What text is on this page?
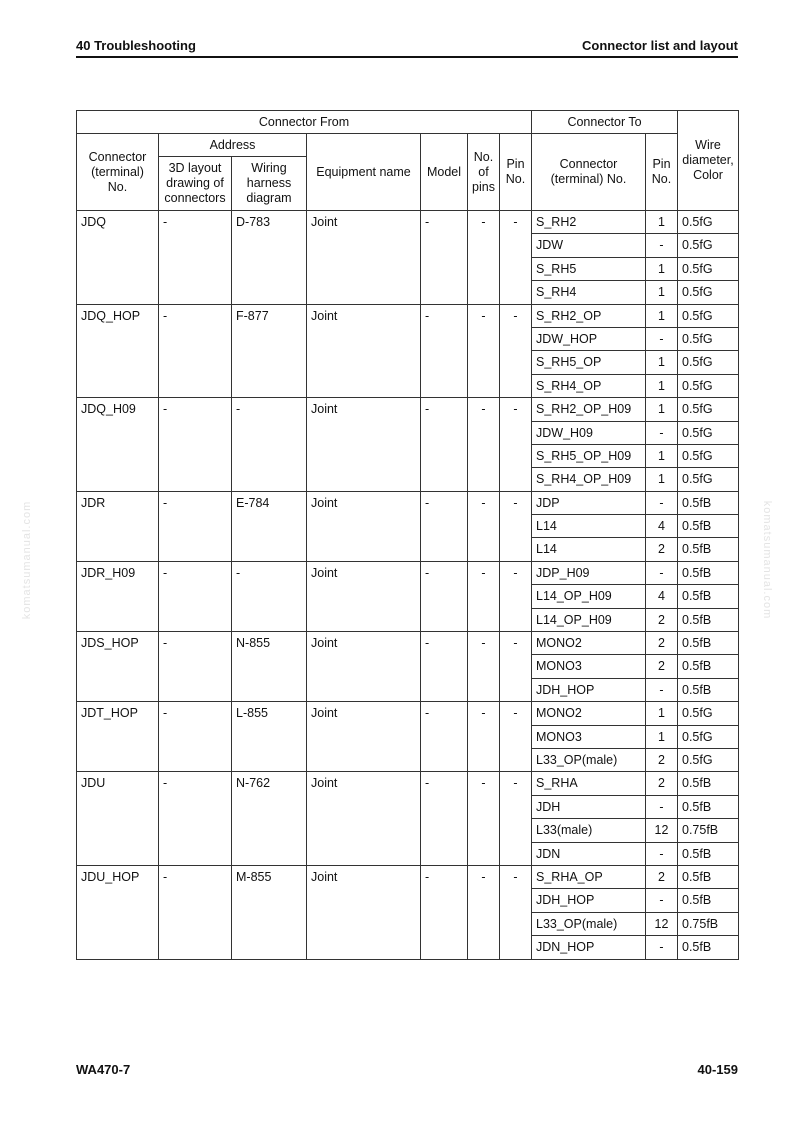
40 Troubleshooting	Connector list and layout
komatsumanual.com	komatsumanual.com
Connector From							Connector To		Wire diameter, Color
Connector (terminal) No.	Address		Equipment name	Model	No. of pins	Pin No.	Connector (terminal) No.	Pin No.	
	3D layout drawing of connectors	Wiring harness diagram							
JDQ	-	D-783	Joint	-	-	-	S_RH2	1	0.5fG
							JDW	-	0.5fG
							S_RH5	1	0.5fG
							S_RH4	1	0.5fG
JDQ_HOP	-	F-877	Joint	-	-	-	S_RH2_OP	1	0.5fG
							JDW_HOP	-	0.5fG
							S_RH5_OP	1	0.5fG
							S_RH4_OP	1	0.5fG
JDQ_H09	-	-	Joint	-	-	-	S_RH2_OP_H09	1	0.5fG
							JDW_H09	-	0.5fG
							S_RH5_OP_H09	1	0.5fG
							S_RH4_OP_H09	1	0.5fG
JDR	-	E-784	Joint	-	-	-	JDP	-	0.5fB
							L14	4	0.5fB
							L14	2	0.5fB
JDR_H09	-	-	Joint	-	-	-	JDP_H09	-	0.5fB
							L14_OP_H09	4	0.5fB
							L14_OP_H09	2	0.5fB
JDS_HOP	-	N-855	Joint	-	-	-	MONO2	2	0.5fB
							MONO3	2	0.5fB
							JDH_HOP	-	0.5fB
JDT_HOP	-	L-855	Joint	-	-	-	MONO2	1	0.5fG
							MONO3	1	0.5fG
							L33_OP(male)	2	0.5fG
JDU	-	N-762	Joint	-	-	-	S_RHA	2	0.5fB
							JDH	-	0.5fB
							L33(male)	12	0.75fB
							JDN	-	0.5fB
JDU_HOP	-	M-855	Joint	-	-	-	S_RHA_OP	2	0.5fB
							JDH_HOP	-	0.5fB
							L33_OP(male)	12	0.75fB
							JDN_HOP	-	0.5fB
WA470-7	40-159
